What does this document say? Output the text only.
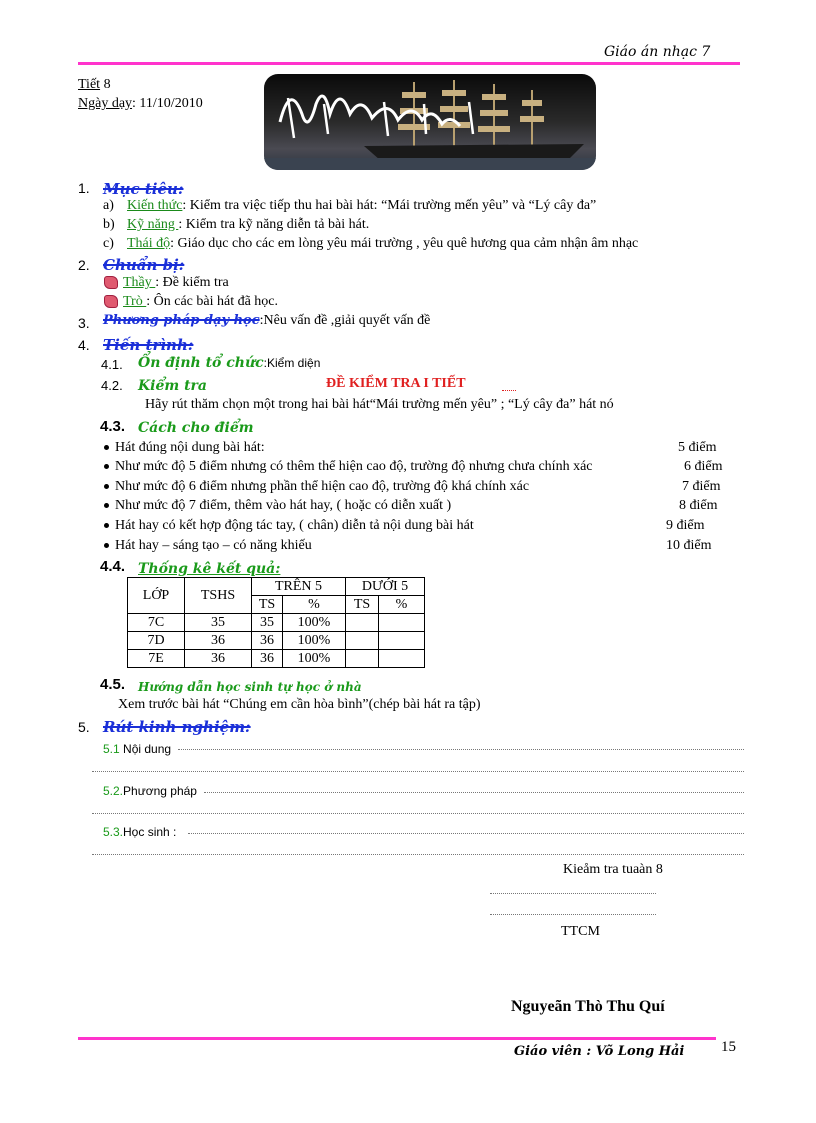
Giáo án nhạc 7
Tiết 8
Ngày dạy: 11/10/2010
1. Mục tiêu:
a) Kiến thức: Kiểm tra việc tiếp thu hai bài hát: “Mái trường mến yêu” và “Lý cây đa”
b) Kỹ năng : Kiểm tra kỹ năng diễn tả bài hát.
c) Thái độ: Giáo dục cho các em lòng yêu mái trường , yêu quê hương qua cảm nhận âm nhạc
2. Chuẩn bị:
Thầy : Đề kiểm tra
Trò : Ôn các bài hát đã học.
3. Phương pháp dạy học:Nêu vấn đề ,giải quyết vấn đề
4. Tiến trình:
4.1. Ổn định tổ chức:Kiểm diện
4.2. Kiểm tra	ĐỀ KIỂM TRA I TIẾT
Hãy rút thăm chọn một trong hai bài hát“Mái trường mến yêu” ; “Lý cây đa” hát nó
4.3. Cách cho điểm
Hát đúng nội dung bài hát:	5 điểm
Như mức độ 5 điểm nhưng có thêm thể hiện cao độ, trường độ nhưng chưa chính xác	6 điểm
Như mức độ 6 điểm nhưng phần thể hiện cao độ, trường độ khá chính xác	7 điểm
Như mức độ 7 điểm, thêm vào hát hay, ( hoặc có diễn xuất )	8 điểm
Hát hay có kết hợp động tác tay, ( chân) diễn tả nội dung bài hát	9 điểm
Hát hay – sáng tạo – có năng khiếu	10 điểm
4.4. Thống kê kết quả:
LỚP	TSHS	TRÊN 5		DƯỚI 5	
		TS	%	TS	%
7C	35	35	100%		
7D	36	36	100%		
7E	36	36	100%		
4.5. Hướng dẫn học sinh tự học ở nhà
Xem trước bài hát “Chúng em cần hòa bình”(chép bài hát ra tập)
5. Rút kinh nghiệm:
5.1 Nội dung
5.2.Phương pháp
5.3.Học sinh :
Kieåm tra tuaàn 8
TTCM
Nguyeãn Thò Thu Quí
Giáo viên : Võ Long Hải 15
